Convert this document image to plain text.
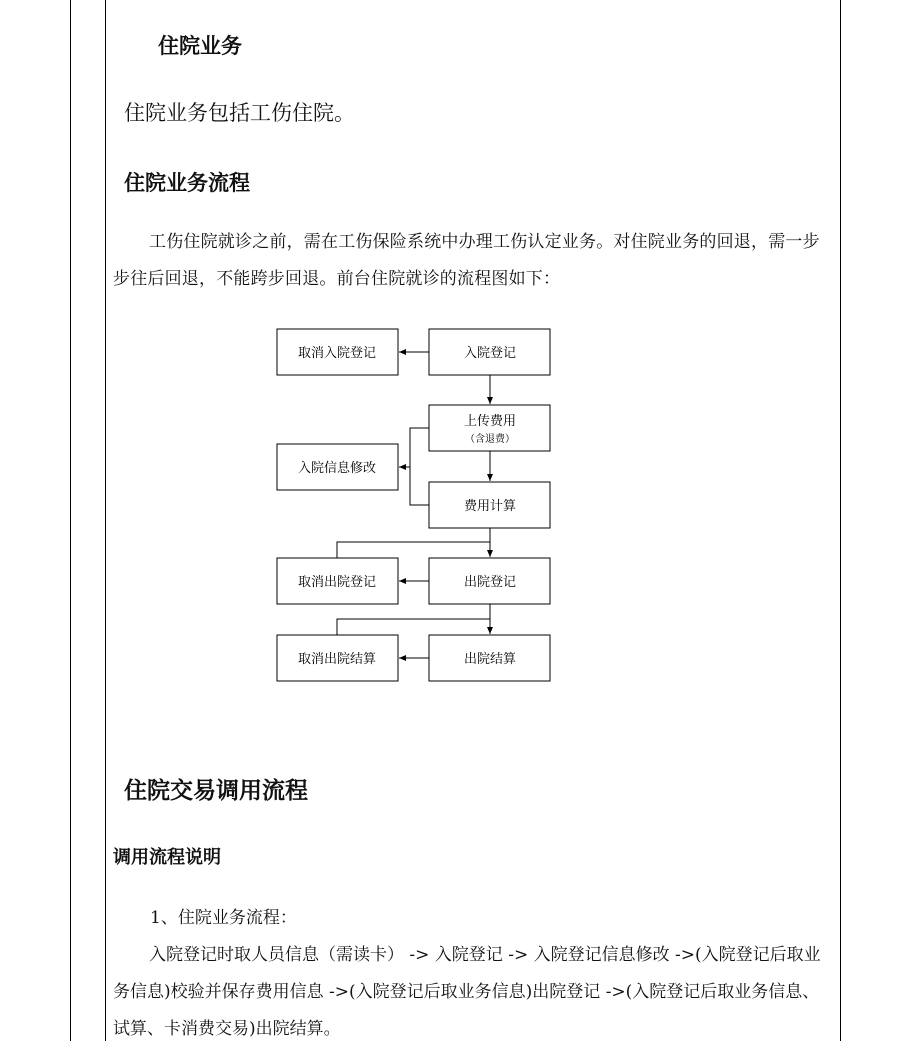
住院业务

住院业务包括工伤住院。

住院业务流程

工伤住院就诊之前，需在工伤保险系统中办理工伤认定业务。对住院业务的回退，需一步步往后回退，不能跨步回退。前台住院就诊的流程图如下：

取消入院登记	入院登记
上传费用
（含退费）
入院信息修改
费用计算
取消出院登记	出院登记
取消出院结算	出院结算
住院交易调用流程
调用流程说明

1、住院业务流程：

入院登记时取人员信息（需读卡） -> 入院登记 -> 入院登记信息修改 ->(入院登记后取业务信息)校验并保存费用信息 ->(入院登记后取业务信息)出院登记 ->(入院登记后取业务信息、试算、卡消费交易)出院结算。
